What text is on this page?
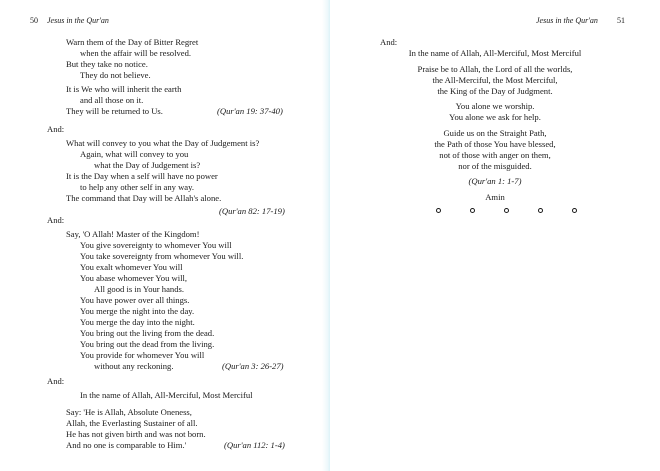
50 Jesus in the Qur'an
Warn them of the Day of Bitter Regret
when the affair will be resolved.
But they take no notice.
They do not believe.
It is We who will inherit the earth
and all those on it.
They will be returned to Us.	(Qur'an 19: 37-40)
And:
What will convey to you what the Day of Judgement is?
Again, what will convey to you
what the Day of Judgement is?
It is the Day when a self will have no power
to help any other self in any way.
The command that Day will be Allah's alone.
(Qur'an 82: 17-19)
And:
Say, 'O Allah! Master of the Kingdom!
You give sovereignty to whomever You will
You take sovereignty from whomever You will.
You exalt whomever You will
You abase whomever You will,
All good is in Your hands.
You have power over all things.
You merge the night into the day.
You merge the day into the night.
You bring out the living from the dead.
You bring out the dead from the living.
You provide for whomever You will
without any reckoning.	(Qur'an 3: 26-27)
And:
In the name of Allah, All-Merciful, Most Merciful
Say: 'He is Allah, Absolute Oneness,
Allah, the Everlasting Sustainer of all.
He has not given birth and was not born.
And no one is comparable to Him.'	(Qur'an 112: 1-4)
Jesus in the Qur'an 51
And:
In the name of Allah, All-Merciful, Most Merciful
Praise be to Allah, the Lord of all the worlds,
the All-Merciful, the Most Merciful,
the King of the Day of Judgment.
You alone we worship.
You alone we ask for help.
Guide us on the Straight Path,
the Path of those You have blessed,
not of those with anger on them,
nor of the misguided.
(Qur'an 1: 1-7)
Amin
